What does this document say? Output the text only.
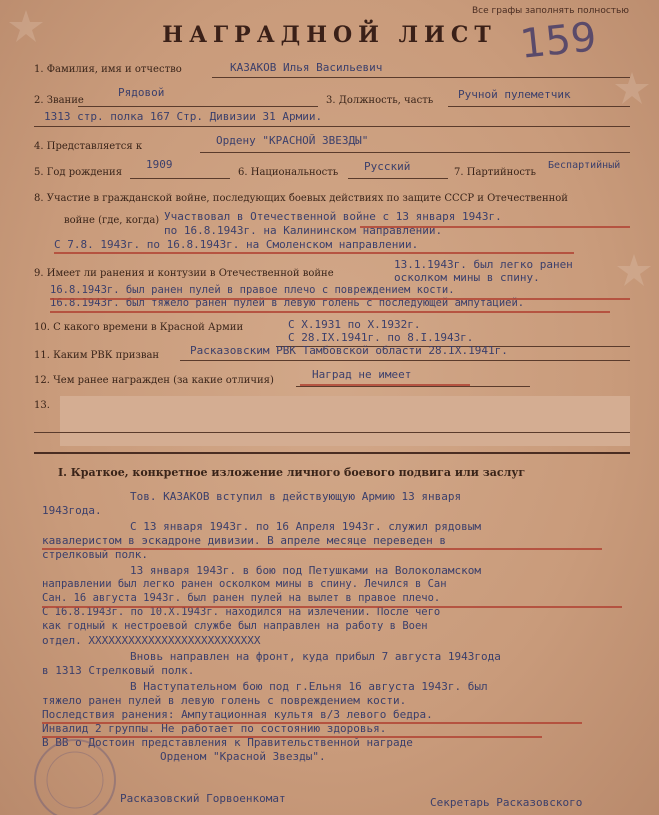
Все графы заполнять полностью
НАГРАДНОЙ ЛИСТ 159
1. Фамилия, имя и отчество	КАЗАКОВ Илья Васильевич
2. Звание
Рядовой
3. Должность, часть Ручной пулеметчик
1313 стр. полка 167 Стр. Дивизии 31 Армии.
4. Представляется к	Ордену "КРАСНОЙ ЗВЕЗДЫ"
5. Год рождения
1909
6. Национальность Русский	7. Партийность
Беспартийный
8. Участие в гражданской войне, последующих боевых действиях по защите СССР и Отечественной
войне (где, когда) Участвовал в Отечественной войне с 13 января 1943г.
по 16.8.1943г. на Калининском направлении.
С 7.8. 1943г. по 16.8.1943г. на Смоленском направлении.
9. Имеет ли ранения и контузии в Отечественной войне
13.1.1943г. был легко ранен
осколком мины в спину.
16.8.1943г. был ранен пулей в правое плечо с повреждением кости.
16.8.1943г. был тяжело ранен пулей в левую голень с последующей ампутацией.
10. С какого времени в Красной Армии	С X.1931 по X.1932г.
С 28.IX.1941г. по 8.I.1943г.
11. Каким РВК призван	Расказовским РВК Тамбовской области 28.IX.1941г.
12. Чем ранее награжден (за какие отличия)	Наград не имеет
13.
I. Краткое, конкретное изложение личного боевого подвига или заслуг
Тов. КАЗАКОВ вступил в действующую Армию 13 января
1943года.
С 13 января 1943г. по 16 Апреля 1943г. служил рядовым
кавалеристом в эскадроне дивизии. В апреле месяце переведен в
стрелковый полк.
13 января 1943г. в бою под Петушками на Волоколамском
направлении был легко ранен осколком мины в спину. Лечился в Сан
Сан. 16 августа 1943г. был ранен пулей на вылет в правое плечо.
С 16.8.1943г. по 10.X.1943г. находился на излечении. После чего
как годный к нестроевой службе был направлен на работу в Воен
отдел. ХХХХХХХХХХХХХХХХХХХХХХХХХХ
Вновь направлен на фронт, куда прибыл 7 августа 1943года
в 1313 Стрелковый полк.
В Наступательном бою под г.Ельня 16 августа 1943г. был
тяжело ранен пулей в левую голень с повреждением кости.
Последствия ранения: Ампутационная культя в/3 левого бедра.
Инвалид 2 группы. Не работает по состоянию здоровья.
В ВВ о Достоин представления к Правительственной награде
Орденом "Красной Звезды".
Расказовский Горвоенкомат	Секретарь Расказовского
